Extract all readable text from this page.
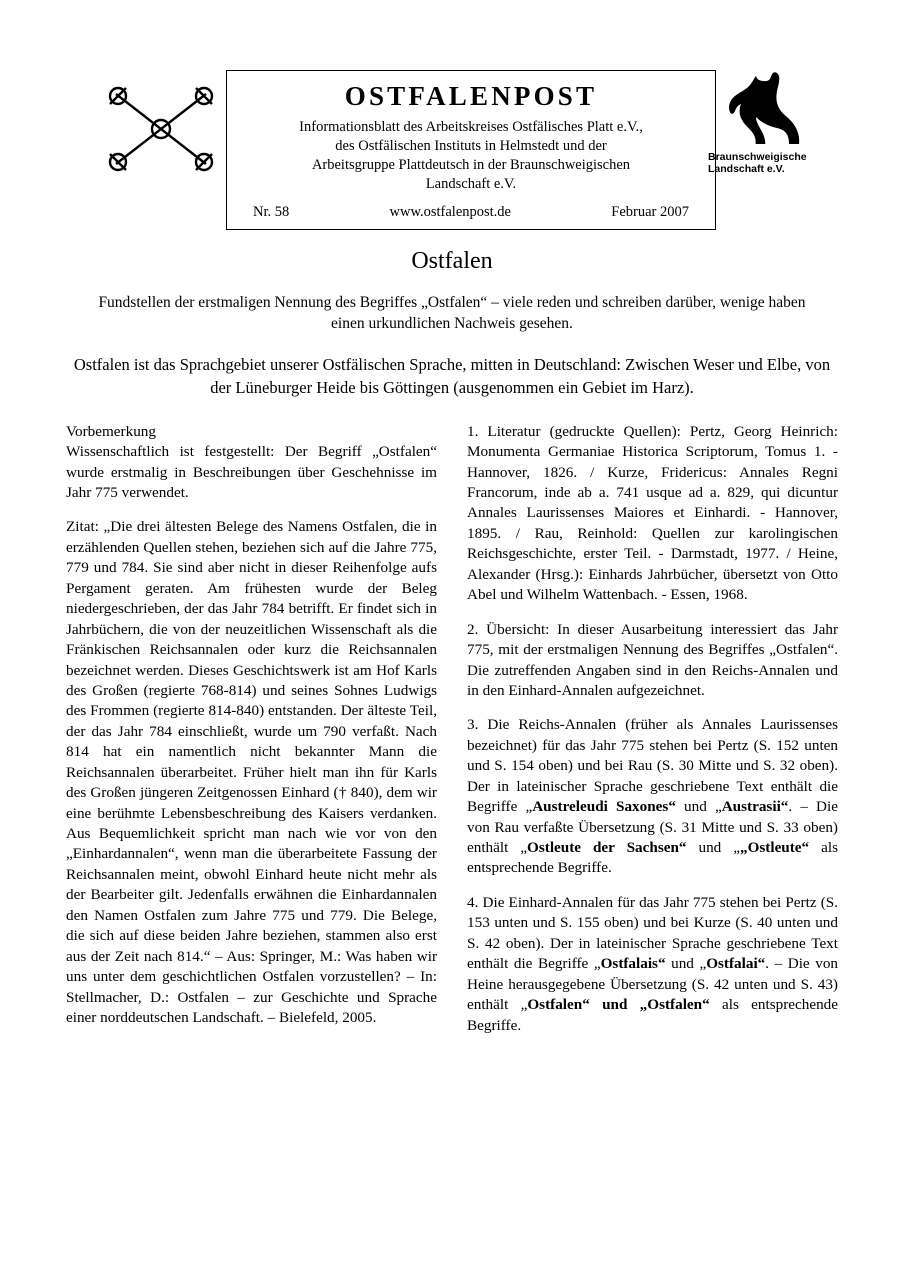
OSTFALENPOST
Informationsblatt des Arbeitskreises Ostfälisches Platt e.V.,
des Ostfälischen Instituts in Helmstedt und der
Arbeitsgruppe Plattdeutsch in der Braunschweigischen
Landschaft e.V.
Nr. 58	www.ostfalenpost.de	Februar 2007
Braunschweigische
Landschaft e.V.
Ostfalen
Fundstellen der erstmaligen Nennung des Begriffes „Ostfalen“ – viele reden und schreiben darüber, wenige haben einen urkundlichen Nachweis gesehen.
Ostfalen ist das Sprachgebiet unserer Ostfälischen Sprache, mitten in Deutschland: Zwischen Weser und Elbe, von der Lüneburger Heide bis Göttingen (ausgenommen ein Gebiet im Harz).

Vorbemerkung

Wissenschaftlich ist festgestellt: Der Begriff „Ostfalen“ wurde erstmalig in Beschreibungen über Geschehnisse im Jahr 775 verwendet.

Zitat: „Die drei ältesten Belege des Namens Ostfalen, die in erzählenden Quellen stehen, beziehen sich auf die Jahre 775, 779 und 784. Sie sind aber nicht in dieser Reihenfolge aufs Pergament geraten. Am frühesten wurde der Beleg niedergeschrieben, der das Jahr 784 betrifft. Er findet sich in Jahrbüchern, die von der neuzeitlichen Wissenschaft als die Fränkischen Reichsannalen oder kurz die Reichsannalen bezeichnet werden. Dieses Geschichtswerk ist am Hof Karls des Großen (regierte 768-814) und seines Sohnes Ludwigs des Frommen (regierte 814-840) entstanden. Der älteste Teil, der das Jahr 784 einschließt, wurde um 790 verfaßt. Nach 814 hat ein namentlich nicht bekannter Mann die Reichsannalen überarbeitet. Früher hielt man ihn für Karls des Großen jüngeren Zeitgenossen Einhard († 840), dem wir eine berühmte Lebensbeschreibung des Kaisers verdanken. Aus Bequemlichkeit spricht man nach wie vor von den „Einhardannalen“, wenn man die überarbeitete Fassung der Reichsannalen meint, obwohl Einhard heute nicht mehr als der Bearbeiter gilt. Jedenfalls erwähnen die Einhardannalen den Namen Ostfalen zum Jahre 775 und 779. Die Belege, die sich auf diese beiden Jahre beziehen, stammen also erst aus der Zeit nach 814.“ – Aus: Springer, M.: Was haben wir uns unter dem geschichtlichen Ostfalen vorzustellen? – In: Stellmacher, D.: Ostfalen – zur Geschichte und Sprache einer norddeutschen Landschaft. – Bielefeld, 2005.

1. Literatur (gedruckte Quellen): Pertz, Georg Heinrich: Monumenta Germaniae Historica Scriptorum, Tomus 1. - Hannover, 1826. / Kurze, Fridericus: Annales Regni Francorum, inde ab a. 741 usque ad a. 829, qui dicuntur Annales Laurissenses Maiores et Einhardi. - Hannover, 1895. / Rau, Reinhold: Quellen zur karolingischen Reichsgeschichte, erster Teil. - Darmstadt, 1977. / Heine, Alexander (Hrsg.): Einhards Jahrbücher, übersetzt von Otto Abel und Wilhelm Wattenbach. - Essen, 1968.

2. Übersicht: In dieser Ausarbeitung interessiert das Jahr 775, mit der erstmaligen Nennung des Begriffes „Ostfalen“. Die zutreffenden Angaben sind in den Reichs-Annalen und in den Einhard-Annalen aufgezeichnet.

3. Die Reichs-Annalen (früher als Annales Laurissenses bezeichnet) für das Jahr 775 stehen bei Pertz (S. 152 unten und S. 154 oben) und bei Rau (S. 30 Mitte und S. 32 oben). Der in lateinischer Sprache geschriebene Text enthält die Begriffe „Austreleudi Saxones“ und „Austrasii“. – Die von Rau verfaßte Übersetzung (S. 31 Mitte und S. 33 oben) enthält „Ostleute der Sachsen“ und „„Ostleute“ als entsprechende Begriffe.

4. Die Einhard-Annalen für das Jahr 775 stehen bei Pertz (S. 153 unten und S. 155 oben) und bei Kurze (S. 40 unten und S. 42 oben). Der in lateinischer Sprache geschriebene Text enthält die Begriffe „Ostfalais“ und „Ostfalai“. – Die von Heine herausgegebene Übersetzung (S. 42 unten und S. 43) enthält „Ostfalen“ und „Ostfalen“ als entsprechende Begriffe.
